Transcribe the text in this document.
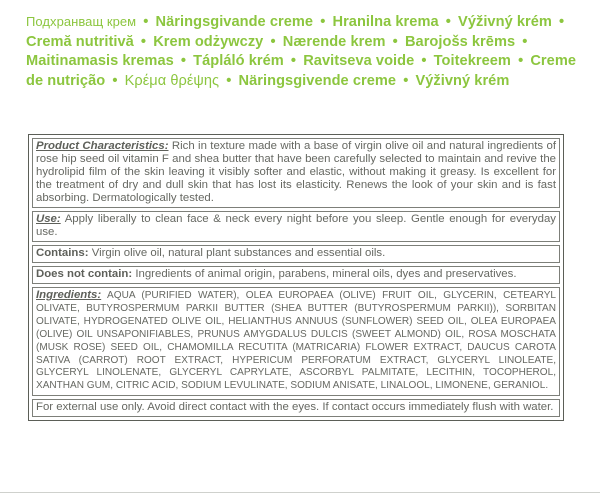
Подхранващ крем • Näringsgivande creme • Hranilna krema • Výživný krém • Cremă nutritivă • Krem odżywczy • Nærende krem • Barojošs krēms • Maitinamasis kremas • Tápláló krém • Ravitseva voide • Toitekreem • Creme de nutrição • Κρέμα θρέψης • Näringsgivende creme • Výživný krém
Product Characteristics: Rich in texture made with a base of virgin olive oil and natural ingredients of rose hip seed oil vitamin F and shea butter that have been carefully selected to maintain and revive the hydrolipid film of the skin leaving it visibly softer and elastic, without making it greasy. Is excellent for the treatment of dry and dull skin that has lost its elasticity. Renews the look of your skin and is fast absorbing. Dermatologically tested.
Use: Apply liberally to clean face & neck every night before you sleep. Gentle enough for everyday use.
Contains: Virgin olive oil, natural plant substances and essential oils.
Does not contain: Ingredients of animal origin, parabens, mineral oils, dyes and preservatives.
Ingredients: AQUA (PURIFIED WATER), OLEA EUROPAEA (OLIVE) FRUIT OIL, GLYCERIN, CETEARYL OLIVATE, BUTYROSPERMUM PARKII BUTTER (SHEA BUTTER (BUTYROSPERMUM PARKII)), SORBITAN OLIVATE, HYDROGENATED OLIVE OIL, HELIANTHUS ANNUUS (SUNFLOWER) SEED OIL, OLEA EUROPAEA (OLIVE) OIL UNSAPONIFIABLES, PRUNUS AMYGDALUS DULCIS (SWEET ALMOND) OIL, ROSA MOSCHATA (MUSK ROSE) SEED OIL, CHAMOMILLA RECUTITA (MATRICARIA) FLOWER EXTRACT, DAUCUS CAROTA SATIVA (CARROT) ROOT EXTRACT, HYPERICUM PERFORATUM EXTRACT, GLYCERYL LINOLEATE, GLYCERYL LINOLENATE, GLYCERYL CAPRYLATE, ASCORBYL PALMITATE, LECITHIN, TOCOPHEROL, XANTHAN GUM, CITRIC ACID, SODIUM LEVULINATE, SODIUM ANISATE, LINALOOL, LIMONENE, GERANIOL.
For external use only. Avoid direct contact with the eyes. If contact occurs immediately flush with water.
